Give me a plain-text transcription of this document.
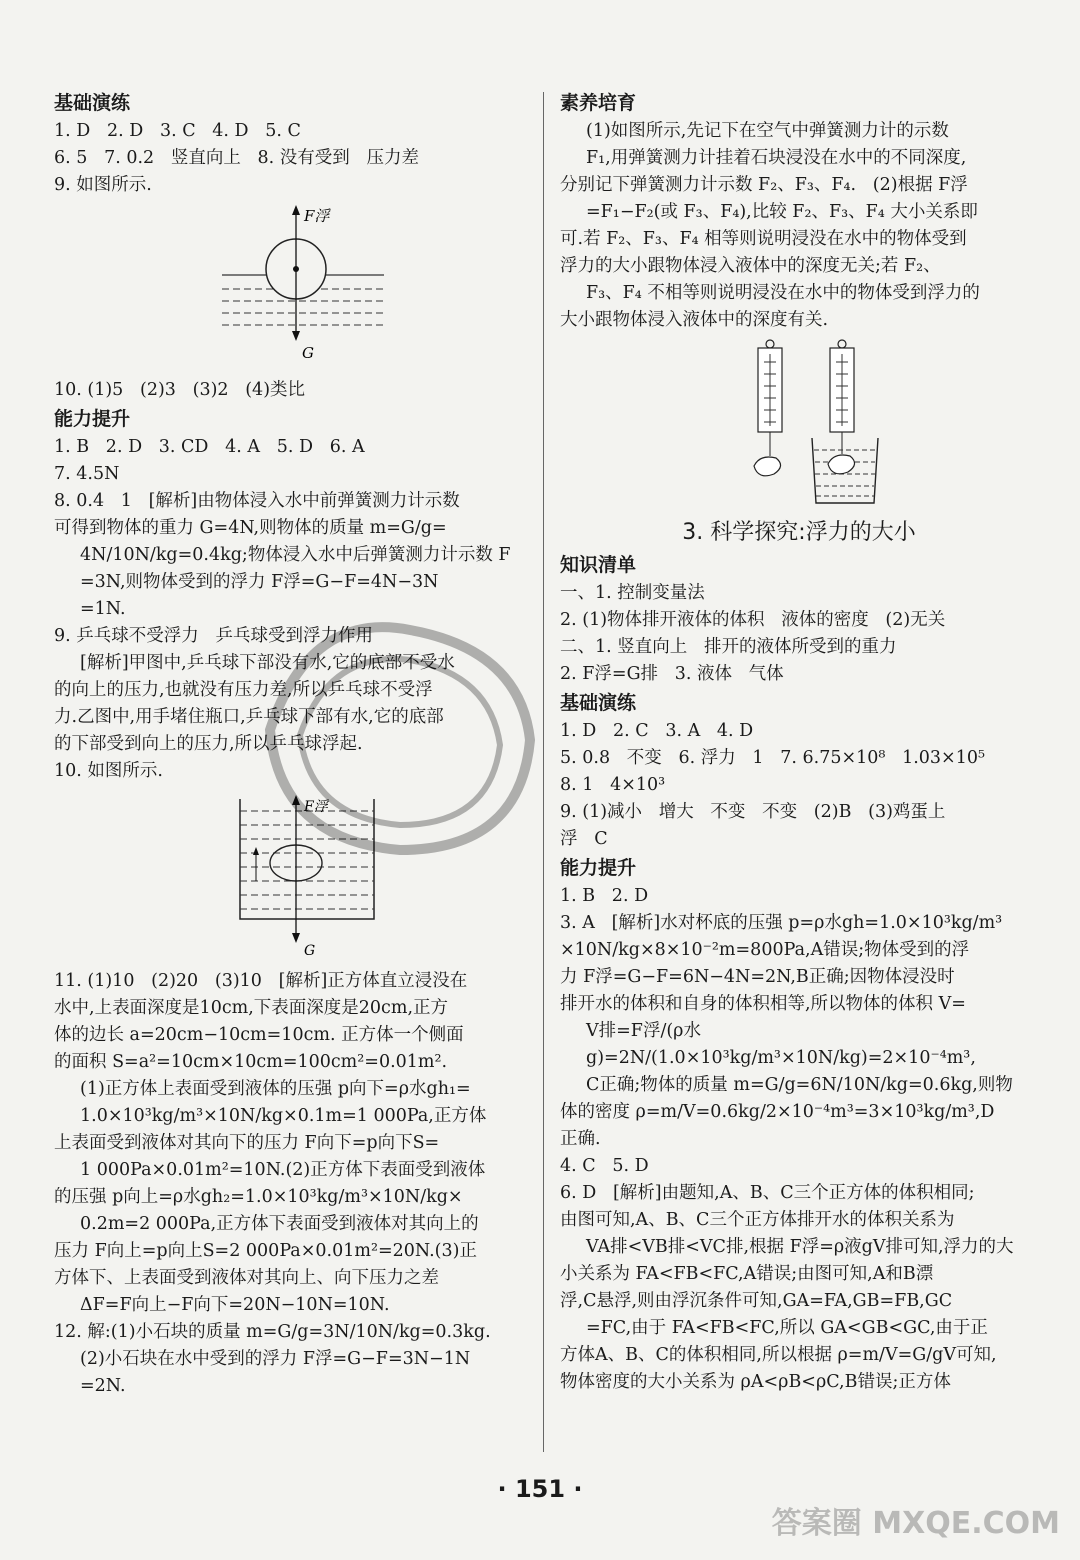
基础演练
1. D   2. D   3. C   4. D   5. C
6. 5   7. 0.2   竖直向上   8. 没有受到   压力差
9. 如图所示.
F浮
G
10. (1)5   (2)3   (3)2   (4)类比
能力提升
1. B   2. D   3. CD   4. A   5. D   6. A
7. 4.5N
8. 0.4   1   [解析]由物体浸入水中前弹簧测力计示数
可得到物体的重力 G=4N,则物体的质量 m=G/g=
4N/10N/kg=0.4kg;物体浸入水中后弹簧测力计示数 F
=3N,则物体受到的浮力 F浮=G−F=4N−3N
=1N.
9. 乒乓球不受浮力   乒乓球受到浮力作用
[解析]甲图中,乒乓球下部没有水,它的底部不受水
的向上的压力,也就没有压力差,所以乒乓球不受浮
力.乙图中,用手堵住瓶口,乒乓球下部有水,它的底部
的下部受到向上的压力,所以乒乓球浮起.
10. 如图所示.
F浮
G
11. (1)10   (2)20   (3)10   [解析]正方体直立浸没在
水中,上表面深度是10cm,下表面深度是20cm,正方
体的边长 a=20cm−10cm=10cm. 正方体一个侧面
的面积 S=a²=10cm×10cm=100cm²=0.01m².
(1)正方体上表面受到液体的压强 p向下=ρ水gh₁=
1.0×10³kg/m³×10N/kg×0.1m=1 000Pa,正方体
上表面受到液体对其向下的压力 F向下=p向下S=
1 000Pa×0.01m²=10N.(2)正方体下表面受到液体
的压强 p向上=ρ水gh₂=1.0×10³kg/m³×10N/kg×
0.2m=2 000Pa,正方体下表面受到液体对其向上的
压力 F向上=p向上S=2 000Pa×0.01m²=20N.(3)正
方体下、上表面受到液体对其向上、向下压力之差
ΔF=F向上−F向下=20N−10N=10N.
12. 解:(1)小石块的质量 m=G/g=3N/10N/kg=0.3kg.
(2)小石块在水中受到的浮力 F浮=G−F=3N−1N
=2N.
素养培育
(1)如图所示,先记下在空气中弹簧测力计的示数
F₁,用弹簧测力计挂着石块浸没在水中的不同深度,
分别记下弹簧测力计示数 F₂、F₃、F₄.   (2)根据 F浮
=F₁−F₂(或 F₃、F₄),比较 F₂、F₃、F₄ 大小关系即
可.若 F₂、F₃、F₄ 相等则说明浸没在水中的物体受到
浮力的大小跟物体浸入液体中的深度无关;若 F₂、
F₃、F₄ 不相等则说明浸没在水中的物体受到浮力的
大小跟物体浸入液体中的深度有关.
3. 科学探究:浮力的大小
知识清单
一、1. 控制变量法
2. (1)物体排开液体的体积   液体的密度   (2)无关
二、1. 竖直向上   排开的液体所受到的重力
2. F浮=G排   3. 液体   气体
基础演练
1. D   2. C   3. A   4. D
5. 0.8   不变   6. 浮力   1   7. 6.75×10⁸   1.03×10⁵
8. 1   4×10³
9. (1)减小   增大   不变   不变   (2)B   (3)鸡蛋上
浮   C
能力提升
1. B   2. D
3. A   [解析]水对杯底的压强 p=ρ水gh=1.0×10³kg/m³
×10N/kg×8×10⁻²m=800Pa,A错误;物体受到的浮
力 F浮=G−F=6N−4N=2N,B正确;因物体浸没时
排开水的体积和自身的体积相等,所以物体的体积 V=
V排=F浮/(ρ水g)=2N/(1.0×10³kg/m³×10N/kg)=2×10⁻⁴m³,
C正确;物体的质量 m=G/g=6N/10N/kg=0.6kg,则物
体的密度 ρ=m/V=0.6kg/2×10⁻⁴m³=3×10³kg/m³,D
正确.
4. C   5. D
6. D   [解析]由题知,A、B、C三个正方体的体积相同;
由图可知,A、B、C三个正方体排开水的体积关系为
VA排<VB排<VC排,根据 F浮=ρ液gV排可知,浮力的大
小关系为 FA<FB<FC,A错误;由图可知,A和B漂
浮,C悬浮,则由浮沉条件可知,GA=FA,GB=FB,GC
=FC,由于 FA<FB<FC,所以 GA<GB<GC,由于正
方体A、B、C的体积相同,所以根据 ρ=m/V=G/gV可知,
物体密度的大小关系为 ρA<ρB<ρC,B错误;正方体
· 151 ·
答案圈 MXQE.COM
